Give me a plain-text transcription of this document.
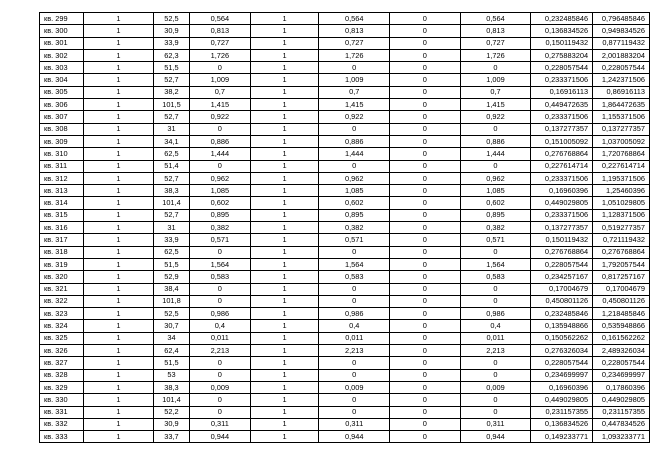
кв. 299	1	52,5	0,564	1	0,564	0	0,564	0,232485846	0,796485846
кв. 300	1	30,9	0,813	1	0,813	0	0,813	0,136834526	0,949834526
кв. 301	1	33,9	0,727	1	0,727	0	0,727	0,150119432	0,877119432
кв. 302	1	62,3	1,726	1	1,726	0	1,726	0,275883204	2,001883204
кв. 303	1	51,5	0	1	0	0	0	0,228057544	0,228057544
кв. 304	1	52,7	1,009	1	1,009	0	1,009	0,233371506	1,242371506
кв. 305	1	38,2	0,7	1	0,7	0	0,7	0,16916113	0,86916113
кв. 306	1	101,5	1,415	1	1,415	0	1,415	0,449472635	1,864472635
кв. 307	1	52,7	0,922	1	0,922	0	0,922	0,233371506	1,155371506
кв. 308	1	31	0	1	0	0	0	0,137277357	0,137277357
кв. 309	1	34,1	0,886	1	0,886	0	0,886	0,151005092	1,037005092
кв. 310	1	62,5	1,444	1	1,444	0	1,444	0,276768864	1,720768864
кв. 311	1	51,4	0	1	0	0	0	0,227614714	0,227614714
кв. 312	1	52,7	0,962	1	0,962	0	0,962	0,233371506	1,195371506
кв. 313	1	38,3	1,085	1	1,085	0	1,085	0,16960396	1,25460396
кв. 314	1	101,4	0,602	1	0,602	0	0,602	0,449029805	1,051029805
кв. 315	1	52,7	0,895	1	0,895	0	0,895	0,233371506	1,128371506
кв. 316	1	31	0,382	1	0,382	0	0,382	0,137277357	0,519277357
кв. 317	1	33,9	0,571	1	0,571	0	0,571	0,150119432	0,721119432
кв. 318	1	62,5	0	1	0	0	0	0,276768864	0,276768864
кв. 319	1	51,5	1,564	1	1,564	0	1,564	0,228057544	1,792057544
кв. 320	1	52,9	0,583	1	0,583	0	0,583	0,234257167	0,817257167
кв. 321	1	38,4	0	1	0	0	0	0,17004679	0,17004679
кв. 322	1	101,8	0	1	0	0	0	0,450801126	0,450801126
кв. 323	1	52,5	0,986	1	0,986	0	0,986	0,232485846	1,218485846
кв. 324	1	30,7	0,4	1	0,4	0	0,4	0,135948866	0,535948866
кв. 325	1	34	0,011	1	0,011	0	0,011	0,150562262	0,161562262
кв. 326	1	62,4	2,213	1	2,213	0	2,213	0,276326034	2,489326034
кв. 327	1	51,5	0	1	0	0	0	0,228057544	0,228057544
кв. 328	1	53	0	1	0	0	0	0,234699997	0,234699997
кв. 329	1	38,3	0,009	1	0,009	0	0,009	0,16960396	0,17860396
кв. 330	1	101,4	0	1	0	0	0	0,449029805	0,449029805
кв. 331	1	52,2	0	1	0	0	0	0,231157355	0,231157355
кв. 332	1	30,9	0,311	1	0,311	0	0,311	0,136834526	0,447834526
кв. 333	1	33,7	0,944	1	0,944	0	0,944	0,149233771	1,093233771
